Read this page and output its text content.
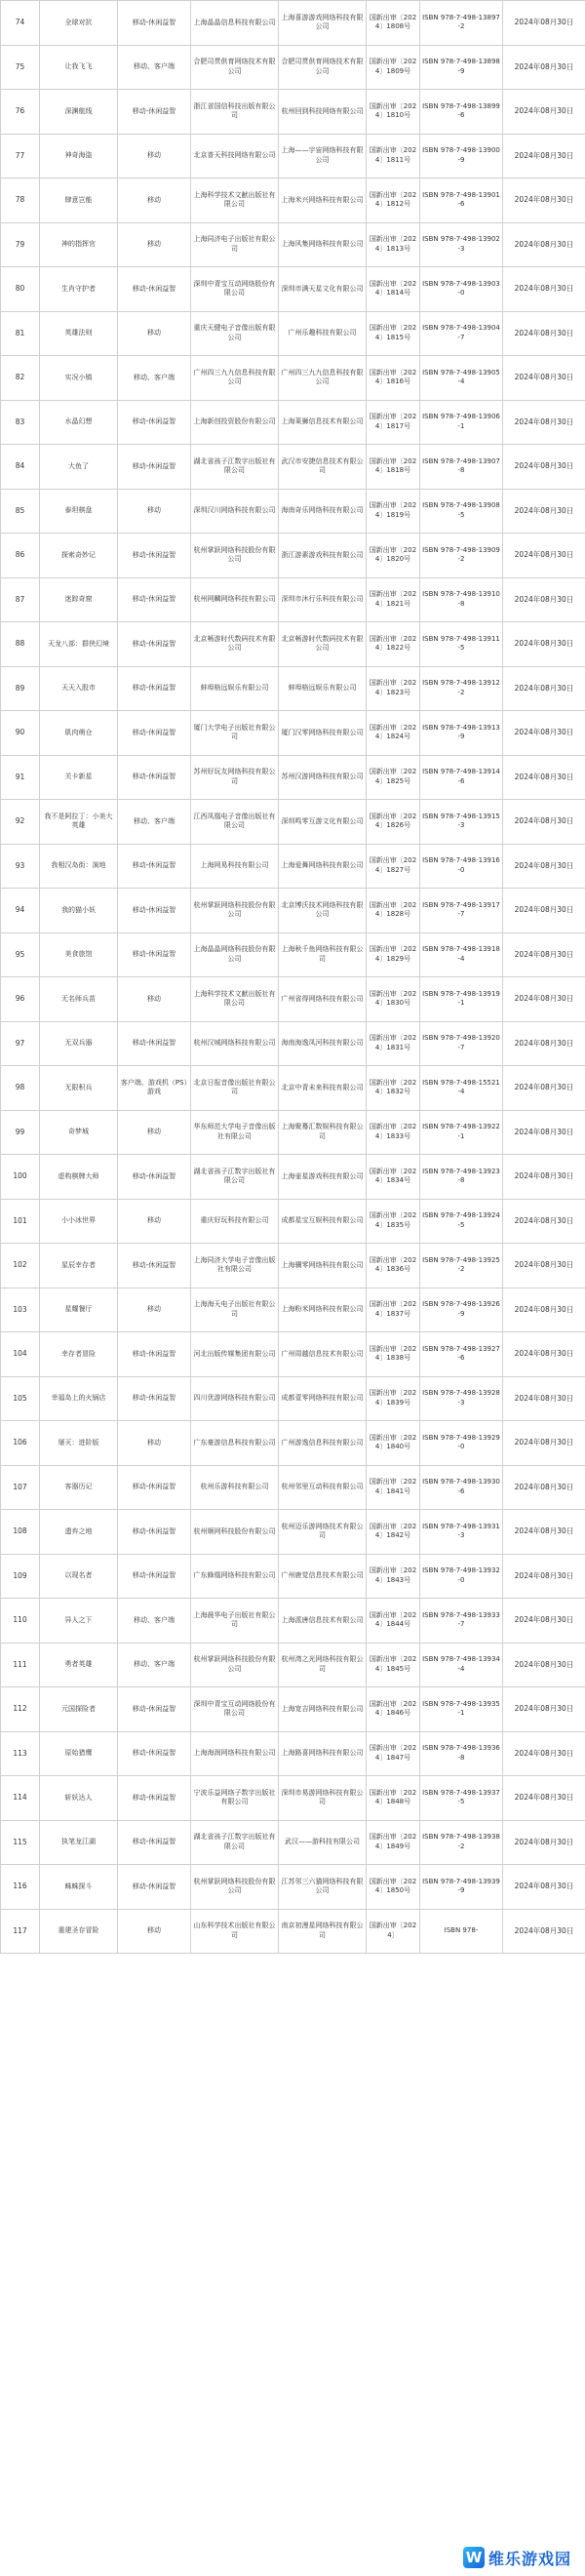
74	全球对抗	移动-休闲益智	上海晶晶信息科技有限公司	上海喜游游戏网络科技有限公司	国新出审〔2024〕1808号	ISBN 978-7-498-13897-2	2024年08月30日
75	让我飞飞	移动、客户端	合肥司贯供育网络技术有限公司	合肥司贯供育网络技术有限公司	国新出审〔2024〕1809号	ISBN 978-7-498-13898-9	2024年08月30日
76	深渊航线	移动-休闲益智	浙江省国信科技出版有限公司	杭州回到科技网络有限公司	国新出审〔2024〕1810号	ISBN 978-7-498-13899-6	2024年08月30日
77	神奇海盗	移动	北京普天科技网络有限公司	上海——宇宙网络科技有限公司	国新出审〔2024〕1811号	ISBN 978-7-498-13900-9	2024年08月30日
78	肆意岂能	移动	上海科学技术文献出版社有限公司	上海米兴网络科技有限公司	国新出审〔2024〕1812号	ISBN 978-7-498-13901-6	2024年08月30日
79	神的指挥官	移动	上海同济电子出版社有限公司	上海风集网络科技有限公司	国新出审〔2024〕1813号	ISBN 978-7-498-13902-3	2024年08月30日
80	生肖守护者	移动-休闲益智	深圳中青宝互动网络股份有限公司	深圳市满天星文化有限公司	国新出审〔2024〕1814号	ISBN 978-7-498-13903-0	2024年08月30日
81	英雄法则	移动	重庆天健电子音像出版有限公司	广州乐趣科技有限公司	国新出审〔2024〕1815号	ISBN 978-7-498-13904-7	2024年08月30日
82	实况小镇	移动、客户端	广州四三九九信息科技有限公司	广州四三九九信息科技有限公司	国新出审〔2024〕1816号	ISBN 978-7-498-13905-4	2024年08月30日
83	水晶幻想	移动-休闲益智	上海新创投资股份有限公司	上海莱狮信息技术有限公司	国新出审〔2024〕1817号	ISBN 978-7-498-13906-1	2024年08月30日
84	大鱼了	移动-休闲益智	湖北省孩子江数字出版社有限公司	武汉市安捷信息技术有限公司	国新出审〔2024〕1818号	ISBN 978-7-498-13907-8	2024年08月30日
85	泰坦棋盘	移动	深圳汉川网络科技有限公司	海南奇乐网络科技有限公司	国新出审〔2024〕1819号	ISBN 978-7-498-13908-5	2024年08月30日
86	探索奇妙记	移动-休闲益智	杭州掌跃网络科技股份有限公司	浙江游素游戏科技有限公司	国新出审〔2024〕1820号	ISBN 978-7-498-13909-2	2024年08月30日
87	迷踪奇窟	移动-休闲益智	杭州网麟网络科技有限公司	深圳市沐行乐科技有限公司	国新出审〔2024〕1821号	ISBN 978-7-498-13910-8	2024年08月30日
88	天龙八部：群侠幻境	移动-休闲益智	北京畅游时代数码技术有限公司	北京畅游时代数码技术有限公司	国新出审〔2024〕1822号	ISBN 978-7-498-13911-5	2024年08月30日
89	天天入股市	移动-休闲益智	蚌埠格远娱乐有限公司	蚌埠格远娱乐有限公司	国新出审〔2024〕1823号	ISBN 978-7-498-13912-2	2024年08月30日
90	肌肉萌仓	移动-休闲益智	厦门大学电子出版社有限公司	厦门汉零网络科技有限公司	国新出审〔2024〕1824号	ISBN 978-7-498-13913-9	2024年08月30日
91	关卡新星	移动-休闲益智	苏州好玩友网络科技有限公司	苏州汉游网络科技有限公司	国新出审〔2024〕1825号	ISBN 978-7-498-13914-6	2024年08月30日
92	我不是阿拉丁：小美大英雄	移动、客户端	江西凤凰电子音像出版社有限公司	深圳鸣零互游文化有限公司	国新出审〔2024〕1826号	ISBN 978-7-498-13915-3	2024年08月30日
93	我相汉岛街：演地	移动-休闲益智	上海网易科技有限公司	上海爱舞网络科技有限公司	国新出审〔2024〕1827号	ISBN 978-7-498-13916-0	2024年08月30日
94	我的猫小妖	移动-休闲益智	杭州掌跃网络科技股份有限公司	北京博沃技术网络科技有限公司	国新出审〔2024〕1828号	ISBN 978-7-498-13917-7	2024年08月30日
95	美食旅馆	移动-休闲益智	上海晶晶网络科技股份有限公司	上海秋千鱼网络科技有限公司	国新出审〔2024〕1829号	ISBN 978-7-498-13918-4	2024年08月30日
96	无名师兵苗	移动	上海科学技术文献出版社有限公司	广州省得网络科技有限公司	国新出审〔2024〕1830号	ISBN 978-7-498-13919-1	2024年08月30日
97	无双兵器	移动-休闲益智	杭州汉城网络科技有限公司	海南海逸凤河科技有限公司	国新出审〔2024〕1831号	ISBN 978-7-498-13920-7	2024年08月30日
98	无限积兵	客户端、游戏机（PS）游戏	北京日报音像出版社有限公司	北京中青未来科技有限公司	国新出审〔2024〕1832号	ISBN 978-7-498-15521-4	2024年08月30日
99	奇梦城	移动	华东师范大学电子音像出版社有限公司	上海聚蓦汇数娱科技有限公司	国新出审〔2024〕1833号	ISBN 978-7-498-13922-1	2024年08月30日
100	虚构棋牌大师	移动-休闲益智	湖北省孩子江数字出版社有限公司	上海壶星游戏科技有限公司	国新出审〔2024〕1834号	ISBN 978-7-498-13923-8	2024年08月30日
101	小小冰世界	移动	重庆好玩科技有限公司	成都星宝互娱科技有限公司	国新出审〔2024〕1835号	ISBN 978-7-498-13924-5	2024年08月30日
102	星辰幸存者	移动-休闲益智	上海同济大学电子音像出版社有限公司	上海骥零网络科技有限公司	国新出审〔2024〕1836号	ISBN 978-7-498-13925-2	2024年08月30日
103	星耀餐厅	移动	上海海天电子出版社有限公司	上海粉米网络科技有限公司	国新出审〔2024〕1837号	ISBN 978-7-498-13926-9	2024年08月30日
104	幸存者冒险	移动-休闲益智	河北出版传媒集团有限公司	广州周越信息技术有限公司	国新出审〔2024〕1838号	ISBN 978-7-498-13927-6	2024年08月30日
105	幸福岛上的火锅店	移动-休闲益智	四川优游网络科技有限公司	成都壹零网络科技有限公司	国新出审〔2024〕1839号	ISBN 978-7-498-13928-3	2024年08月30日
106	屠灭：进阶版	移动	广东豪游信息科技有限公司	广州游逸信息科技有限公司	国新出审〔2024〕1840号	ISBN 978-7-498-13929-0	2024年08月30日
107	客器历记	移动-休闲益智	杭州乐游科技有限公司	杭州邻里互动科技有限公司	国新出审〔2024〕1841号	ISBN 978-7-498-13930-6	2024年08月30日
108	遗弃之地	移动-休闲益智	杭州顺网科技股份有限公司	杭州迈乐游网络技术有限公司	国新出审〔2024〕1842号	ISBN 978-7-498-13931-3	2024年08月30日
109	以现名者	移动-休闲益智	广东蜂凰网络科技有限公司	广州鹿觉信息技术有限公司	国新出审〔2024〕1843号	ISBN 978-7-498-13932-0	2024年08月30日
110	异人之下	移动、客户端	上海晨华电子出版社有限公司	上海派唐信息技术有限公司	国新出审〔2024〕1844号	ISBN 978-7-498-13933-7	2024年08月30日
111	勇者英雄	移动、客户端	杭州掌跃网络科技股份有限公司	杭州湾之光网络科技有限公司	国新出审〔2024〕1845号	ISBN 978-7-498-13934-4	2024年08月30日
112	元国探险者	移动-休闲益智	深圳中青宝互动网络股份有限公司	上海宽吉网络科技有限公司	国新出审〔2024〕1846号	ISBN 978-7-498-13935-1	2024年08月30日
113	原始猎鹰	移动-休闲益智	上海海润网络科技有限公司	上海路喜网络科技有限公司	国新出审〔2024〕1847号	ISBN 978-7-498-13936-8	2024年08月30日
114	斩妖达人	移动-休闲益智	宁波乐益网络子数字出版社有限公司	深圳市易游网络科技有限公司	国新出审〔2024〕1848号	ISBN 978-7-498-13937-5	2024年08月30日
115	执笔龙江湖	移动-休闲益智	湖北省孩子江数字出版社有限公司	武汉——游科技有限公司	国新出审〔2024〕1849号	ISBN 978-7-498-13938-2	2024年08月30日
116	蛛蛛探斗	移动-休闲益智	杭州掌跃网络科技股份有限公司	江苏邻三六猫网络科技有限公司	国新出审〔2024〕1850号	ISBN 978-7-498-13939-9	2024年08月30日
117	重建圣存冒险	移动	山东科学技术出版社有限公司	南京初漫星网络科技有限公司	国新出审〔2024〕	ISBN 978-	2024年08月30日
W 维乐游戏园
